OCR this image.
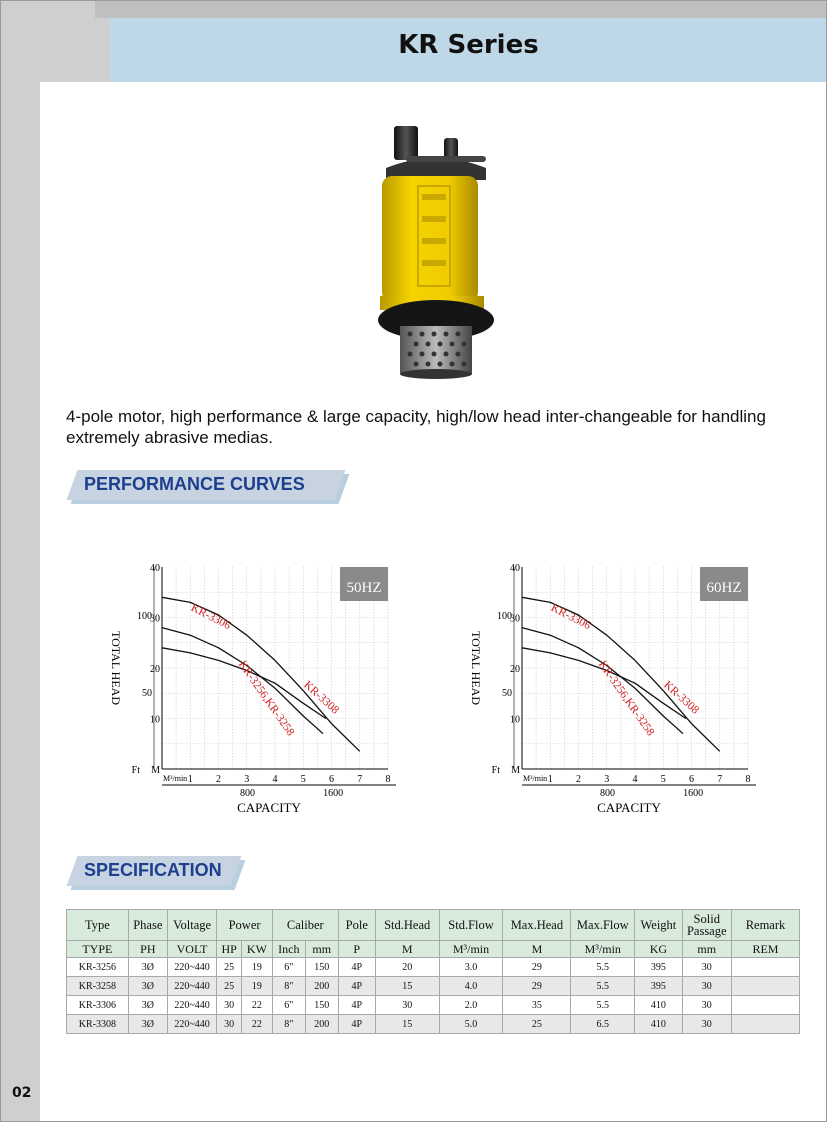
KR Series
4-pole motor, high performance & large capacity, high/low head inter-changeable for handling extremely abrasive medias.
PERFORMANCE CURVES
50HZ
10
20
30
40
50
100
M
Ft
1 2 3 4 5 6 7 8
800	1600
M³/min
CAPACITY
TOTAL HEAD
KR-3306
KR-3256,KR-3258 KR-3308
60HZ
10
20
30
40
50
100
M
Ft
1 2 3 4 5 6 7 8
800	1600
M³/min
CAPACITY
TOTAL HEAD
KR-3306
KR-3256,KR-3258 KR-3308
SPECIFICATION
Type	Phase	Voltage	Power		Caliber		Pole	Std.Head	Std.Flow	Max.Head	Max.Flow	Weight	Solid Passage	Remark
TYPE	PH	VOLT	HP	KW	Inch	mm	P	M	M³/min	M	M³/min	KG	mm	REM
KR-3256	3Ø	220~440	25	19	6"	150	4P	20	3.0	29	5.5	395	30	
KR-3258	3Ø	220~440	25	19	8"	200	4P	15	4.0	29	5.5	395	30	
KR-3306	3Ø	220~440	30	22	6"	150	4P	30	2.0	35	5.5	410	30	
KR-3308	3Ø	220~440	30	22	8"	200	4P	15	5.0	25	6.5	410	30	
02
